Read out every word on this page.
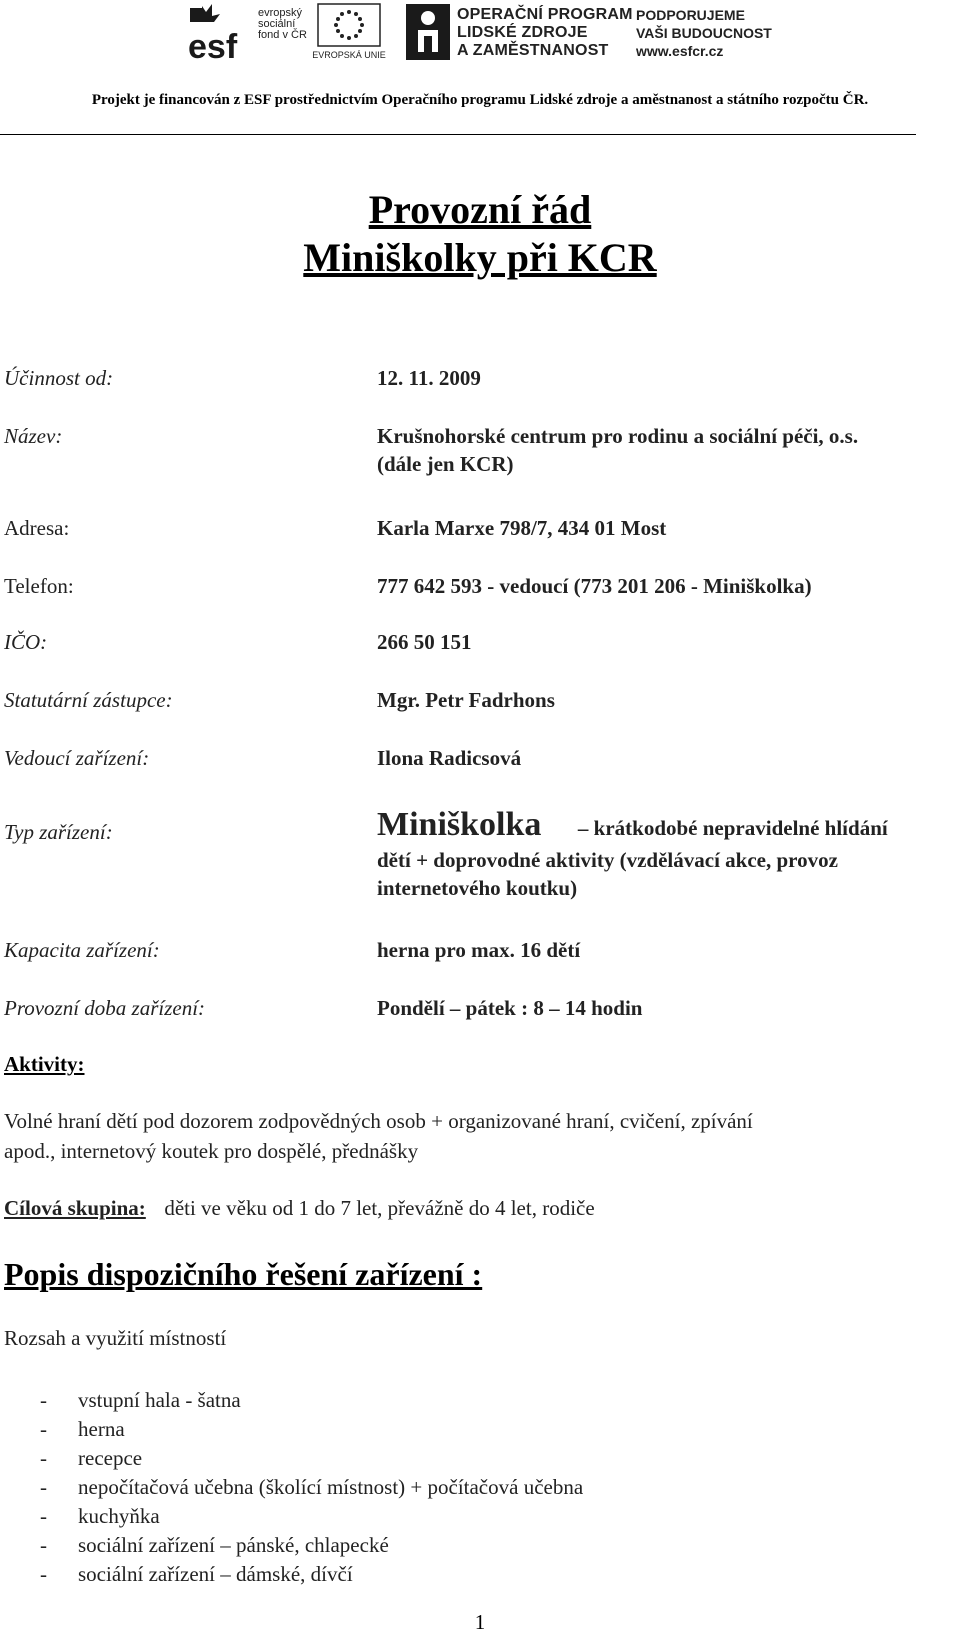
esf
evropský
sociální
fond v ČR
EVROPSKÁ UNIE
OPERAČNÍ PROGRAM
LIDSKÉ ZDROJE
A ZAMĚSTNANOST
PODPORUJEME
VAŠI BUDOUCNOST
www.esfcr.cz
Projekt je financován z ESF prostřednictvím Operačního programu Lidské zdroje a aměstnanost a státního rozpočtu ČR.
Provozní řád
Miniškolky při KCR
Účinnost od:	12. 11. 2009
Název:	Krušnohorské centrum pro rodinu a sociální péči, o.s.
(dále jen KCR)
Adresa:	Karla Marxe 798/7, 434 01 Most
Telefon:	777 642 593 - vedoucí (773 201 206 - Miniškolka)
IČO:	266 50 151
Statutární zástupce:	Mgr. Petr Fadrhons
Vedoucí zařízení:	Ilona Radicsová
Typ zařízení:	Miniškolka – krátkodobé nepravidelné hlídání
dětí + doprovodné aktivity (vzdělávací akce, provoz
internetového koutku)
Kapacita zařízení:	herna pro max. 16 dětí
Provozní doba zařízení:	Pondělí – pátek : 8 – 14 hodin
Aktivity:
Volné hraní dětí pod dozorem zodpovědných osob + organizované hraní, cvičení, zpívání
apod., internetový koutek pro dospělé, přednášky
Cílová skupina: děti ve věku od 1 do 7 let, převážně do 4 let, rodiče
Popis dispozičního řešení zařízení :
Rozsah a využití místností
- vstupní hala - šatna
- herna
- recepce
- nepočítačová učebna (školící místnost) + počítačová učebna
- kuchyňka
- sociální zařízení – pánské, chlapecké
- sociální zařízení – dámské, dívčí
1
